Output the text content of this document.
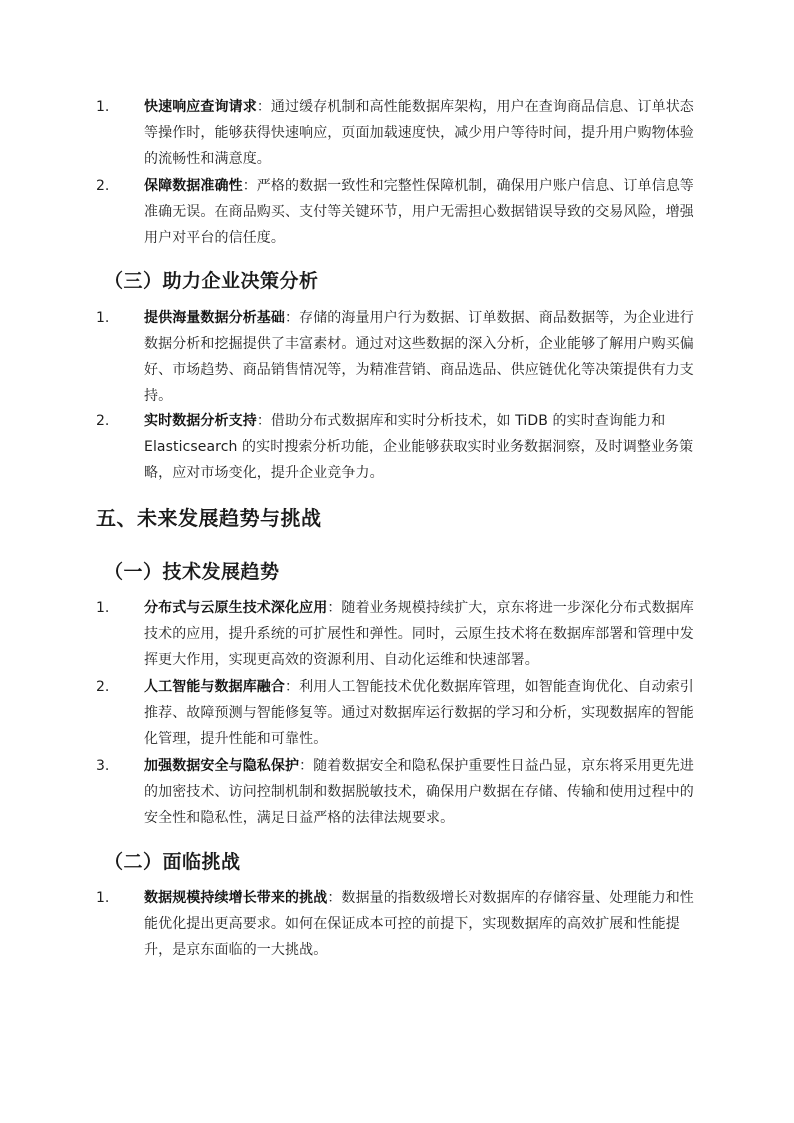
1. 快速响应查询请求：通过缓存机制和高性能数据库架构，用户在查询商品信息、订单状态等操作时，能够获得快速响应，页面加载速度快，减少用户等待时间，提升用户购物体验的流畅性和满意度。
2. 保障数据准确性：严格的数据一致性和完整性保障机制，确保用户账户信息、订单信息等准确无误。在商品购买、支付等关键环节，用户无需担心数据错误导致的交易风险，增强用户对平台的信任度。
（三）助力企业决策分析
1. 提供海量数据分析基础：存储的海量用户行为数据、订单数据、商品数据等，为企业进行数据分析和挖掘提供了丰富素材。通过对这些数据的深入分析，企业能够了解用户购买偏好、市场趋势、商品销售情况等，为精准营销、商品选品、供应链优化等决策提供有力支持。
2. 实时数据分析支持：借助分布式数据库和实时分析技术，如 TiDB 的实时查询能力和 Elasticsearch 的实时搜索分析功能，企业能够获取实时业务数据洞察，及时调整业务策略，应对市场变化，提升企业竞争力。
五、未来发展趋势与挑战
（一）技术发展趋势
1. 分布式与云原生技术深化应用：随着业务规模持续扩大，京东将进一步深化分布式数据库技术的应用，提升系统的可扩展性和弹性。同时，云原生技术将在数据库部署和管理中发挥更大作用，实现更高效的资源利用、自动化运维和快速部署。
2. 人工智能与数据库融合：利用人工智能技术优化数据库管理，如智能查询优化、自动索引推荐、故障预测与智能修复等。通过对数据库运行数据的学习和分析，实现数据库的智能化管理，提升性能和可靠性。
3. 加强数据安全与隐私保护：随着数据安全和隐私保护重要性日益凸显，京东将采用更先进的加密技术、访问控制机制和数据脱敏技术，确保用户数据在存储、传输和使用过程中的安全性和隐私性，满足日益严格的法律法规要求。
（二）面临挑战
1. 数据规模持续增长带来的挑战：数据量的指数级增长对数据库的存储容量、处理能力和性能优化提出更高要求。如何在保证成本可控的前提下，实现数据库的高效扩展和性能提升，是京东面临的一大挑战。
